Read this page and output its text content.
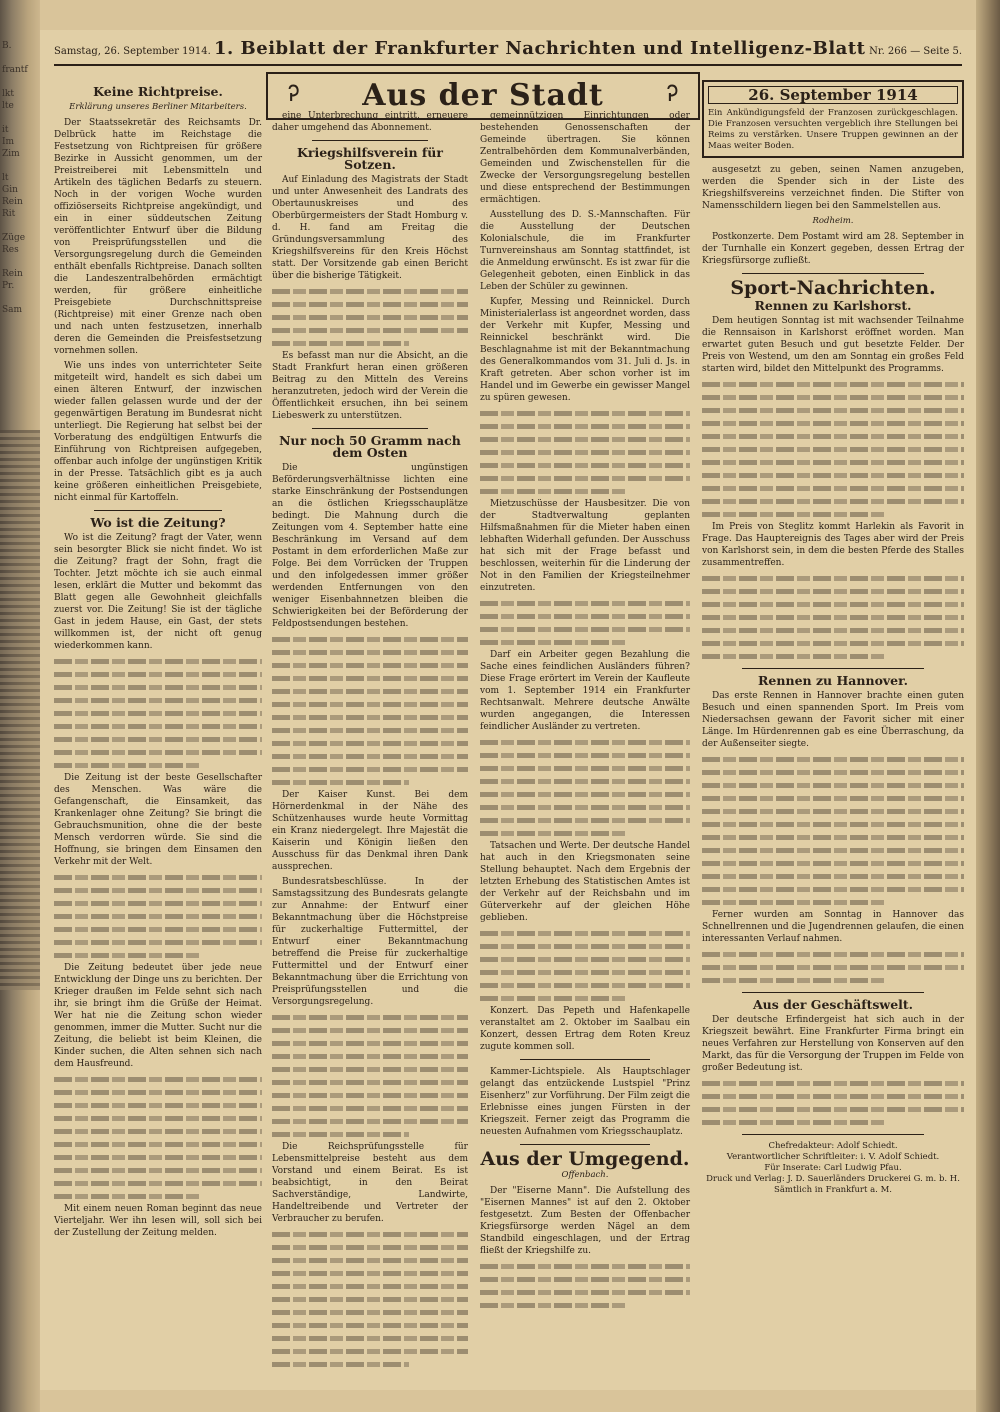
B.

frantf

lkt
lte

it
Im
Zim

lt
Gin
Rein
Rit

Züge
Res

Rein
Pr.

Sam
Samstag, 26. September 1914. 1. Beiblatt der Frankfurter Nachrichten und Intelligenz-Blatt Nr. 266 — Seite 5.
Ꭾ	Aus der Stadt	Ꭾ
Keine Richtpreise.
Erklärung unseres Berliner Mitarbeiters.

Der Staatssekretär des Reichsamts Dr. Delbrück hatte im Reichstage die Festsetzung von Richtpreisen für größere Bezirke in Aussicht genommen, um der Preistreiberei mit Lebensmitteln und Artikeln des täglichen Bedarfs zu steuern. Noch in der vorigen Woche wurden offiziöserseits Richtpreise angekündigt, und ein in einer süddeutschen Zeitung veröffentlichter Entwurf über die Bildung von Preisprüfungsstellen und die Versorgungsregelung durch die Gemeinden enthält ebenfalls Richtpreise. Danach sollten die Landeszentralbehörden ermächtigt werden, für größere einheitliche Preisgebiete Durchschnittspreise (Richtpreise) mit einer Grenze nach oben und nach unten festzusetzen, innerhalb deren die Gemeinden die Preisfestsetzung vornehmen sollen.

Wie uns indes von unterrichteter Seite mitgeteilt wird, handelt es sich dabei um einen älteren Entwurf, der inzwischen wieder fallen gelassen wurde und der der gegenwärtigen Beratung im Bundesrat nicht unterliegt. Die Regierung hat selbst bei der Vorberatung des endgültigen Entwurfs die Einführung von Richtpreisen aufgegeben, offenbar auch infolge der ungünstigen Kritik in der Presse. Tatsächlich gibt es ja auch keine größeren einheitlichen Preisgebiete, nicht einmal für Kartoffeln.

Wo ist die Zeitung?

Wo ist die Zeitung? fragt der Vater, wenn sein besorgter Blick sie nicht findet. Wo ist die Zeitung? fragt der Sohn, fragt die Tochter. Jetzt möchte ich sie auch einmal lesen, erklärt die Mutter und bekommt das Blatt gegen alle Gewohnheit gleichfalls zuerst vor. Die Zeitung! Sie ist der tägliche Gast in jedem Hause, ein Gast, der stets willkommen ist, der nicht oft genug wiederkommen kann.

Die Zeitung ist der beste Gesellschafter des Menschen. Was wäre die Gefangenschaft, die Einsamkeit, das Krankenlager ohne Zeitung? Sie bringt die Gebrauchsmunition, ohne die der beste Mensch verdorren würde. Sie sind die Hoffnung, sie bringen dem Einsamen den Verkehr mit der Welt.

Die Zeitung bedeutet über jede neue Entwicklung der Dinge uns zu berichten. Der Krieger draußen im Felde sehnt sich nach ihr, sie bringt ihm die Grüße der Heimat. Wer hat nie die Zeitung schon wieder genommen, immer die Mutter. Sucht nur die Zeitung, die beliebt ist beim Kleinen, die Kinder suchen, die Alten sehnen sich nach dem Hausfreund.

Mit einem neuen Roman beginnt das neue Vierteljahr. Wer ihn lesen will, soll sich bei der Zustellung der Zeitung melden.

eine Unterbrechung eintritt, erneuere daher umgehend das Abonnement.

Kriegshilfsverein für Sotzen.

Auf Einladung des Magistrats der Stadt und unter Anwesenheit des Landrats des Obertaunuskreises und des Oberbürgermeisters der Stadt Homburg v. d. H. fand am Freitag die Gründungsversammlung des Kriegshilfsvereins für den Kreis Höchst statt. Der Vorsitzende gab einen Bericht über die bisherige Tätigkeit.

Es befasst man nur die Absicht, an die Stadt Frankfurt heran einen größeren Beitrag zu den Mitteln des Vereins heranzutreten, jedoch wird der Verein die Öffentlichkeit ersuchen, ihn bei seinem Liebeswerk zu unterstützen.

Nur noch 50 Gramm nach dem Osten

Die ungünstigen Beförderungsverhältnisse lichten eine starke Einschränkung der Postsendungen an die östlichen Kriegsschauplätze bedingt. Die Mahnung durch die Zeitungen vom 4. September hatte eine Beschränkung im Versand auf dem Postamt in dem erforderlichen Maße zur Folge. Bei dem Vorrücken der Truppen und den infolgedessen immer größer werdenden Entfernungen von den weniger Eisenbahnnetzen bleiben die Schwierigkeiten bei der Beförderung der Feldpostsendungen bestehen.

Der Kaiser Kunst. Bei dem Hörnerdenkmal in der Nähe des Schützenhauses wurde heute Vormittag ein Kranz niedergelegt. Ihre Majestät die Kaiserin und Königin ließen den Ausschuss für das Denkmal ihren Dank aussprechen.

Bundesratsbeschlüsse. In der Samstagssitzung des Bundesrats gelangte zur Annahme: der Entwurf einer Bekanntmachung über die Höchstpreise für zuckerhaltige Futtermittel, der Entwurf einer Bekanntmachung betreffend die Preise für zuckerhaltige Futtermittel und der Entwurf einer Bekanntmachung über die Errichtung von Preisprüfungsstellen und die Versorgungsregelung.

Die Reichsprüfungsstelle für Lebensmittelpreise besteht aus dem Vorstand und einem Beirat. Es ist beabsichtigt, in den Beirat Sachverständige, Landwirte, Handeltreibende und Vertreter der Verbraucher zu berufen.

gemeinnützigen Einrichtungen oder bestehenden Genossenschaften der Gemeinde übertragen. Sie können Zentralbehörden dem Kommunalverbänden, Gemeinden und Zwischenstellen für die Zwecke der Versorgungsregelung bestellen und diese entsprechend der Bestimmungen ermächtigen.

Ausstellung des D. S.-Mannschaften. Für die Ausstellung der Deutschen Kolonialschule, die im Frankfurter Turnvereinshaus am Sonntag stattfindet, ist die Anmeldung erwünscht. Es ist zwar für die Gelegenheit geboten, einen Einblick in das Leben der Schüler zu gewinnen.

Kupfer, Messing und Reinnickel. Durch Ministerialerlass ist angeordnet worden, dass der Verkehr mit Kupfer, Messing und Reinnickel beschränkt wird. Die Beschlagnahme ist mit der Bekanntmachung des Generalkommandos vom 31. Juli d. Js. in Kraft getreten. Aber schon vorher ist im Handel und im Gewerbe ein gewisser Mangel zu spüren gewesen.

Mietzuschüsse der Hausbesitzer. Die von der Stadtverwaltung geplanten Hilfsmaßnahmen für die Mieter haben einen lebhaften Widerhall gefunden. Der Ausschuss hat sich mit der Frage befasst und beschlossen, weiterhin für die Linderung der Not in den Familien der Kriegsteilnehmer einzutreten.

Darf ein Arbeiter gegen Bezahlung die Sache eines feindlichen Ausländers führen? Diese Frage erörtert im Verein der Kaufleute vom 1. September 1914 ein Frankfurter Rechtsanwalt. Mehrere deutsche Anwälte wurden angegangen, die Interessen feindlicher Ausländer zu vertreten.

Tatsachen und Werte. Der deutsche Handel hat auch in den Kriegsmonaten seine Stellung behauptet. Nach dem Ergebnis der letzten Erhebung des Statistischen Amtes ist der Verkehr auf der Reichsbahn und im Güterverkehr auf der gleichen Höhe geblieben.

Konzert. Das Pepeth und Hafenkapelle veranstaltet am 2. Oktober im Saalbau ein Konzert, dessen Ertrag dem Roten Kreuz zugute kommen soll.

Kammer-Lichtspiele. Als Hauptschlager gelangt das entzückende Lustspiel "Prinz Eisenherz" zur Vorführung. Der Film zeigt die Erlebnisse eines jungen Fürsten in der Kriegszeit. Ferner zeigt das Programm die neuesten Aufnahmen vom Kriegsschauplatz.

Aus der Umgegend.
Offenbach.

Der "Eiserne Mann". Die Aufstellung des "Eisernen Mannes" ist auf den 2. Oktober festgesetzt. Zum Besten der Offenbacher Kriegsfürsorge werden Nägel an dem Standbild eingeschlagen, und der Ertrag fließt der Kriegshilfe zu.

26. September 1914
Ein Ankündigungsfeld der Franzosen zurückgeschlagen. Die Franzosen versuchten vergeblich ihre Stellungen bei Reims zu verstärken. Unsere Truppen gewinnen an der Maas weiter Boden.

ausgesetzt zu geben, seinen Namen anzugeben, werden die Spender sich in der Liste des Kriegshilfsvereins verzeichnet finden. Die Stifter von Namensschildern liegen bei den Sammelstellen aus.

Rodheim.

Postkonzerte. Dem Postamt wird am 28. September in der Turnhalle ein Konzert gegeben, dessen Ertrag der Kriegsfürsorge zufließt.

Sport-Nachrichten.
Rennen zu Karlshorst.

Dem heutigen Sonntag ist mit wachsender Teilnahme die Rennsaison in Karlshorst eröffnet worden. Man erwartet guten Besuch und gut besetzte Felder. Der Preis von Westend, um den am Sonntag ein großes Feld starten wird, bildet den Mittelpunkt des Programms.

Im Preis von Steglitz kommt Harlekin als Favorit in Frage. Das Hauptereignis des Tages aber wird der Preis von Karlshorst sein, in dem die besten Pferde des Stalles zusammentreffen.

Rennen zu Hannover.

Das erste Rennen in Hannover brachte einen guten Besuch und einen spannenden Sport. Im Preis vom Niedersachsen gewann der Favorit sicher mit einer Länge. Im Hürdenrennen gab es eine Überraschung, da der Außenseiter siegte.

Ferner wurden am Sonntag in Hannover das Schnellrennen und die Jugendrennen gelaufen, die einen interessanten Verlauf nahmen.

Aus der Geschäftswelt.

Der deutsche Erfindergeist hat sich auch in der Kriegszeit bewährt. Eine Frankfurter Firma bringt ein neues Verfahren zur Herstellung von Konserven auf den Markt, das für die Versorgung der Truppen im Felde von großer Bedeutung ist.

Chefredakteur: Adolf Schiedt.
Verantwortlicher Schriftleiter: i. V. Adolf Schiedt.
Für Inserate: Carl Ludwig Pfau.
Druck und Verlag: J. D. Sauerländers Druckerei G. m. b. H.
Sämtlich in Frankfurt a. M.
